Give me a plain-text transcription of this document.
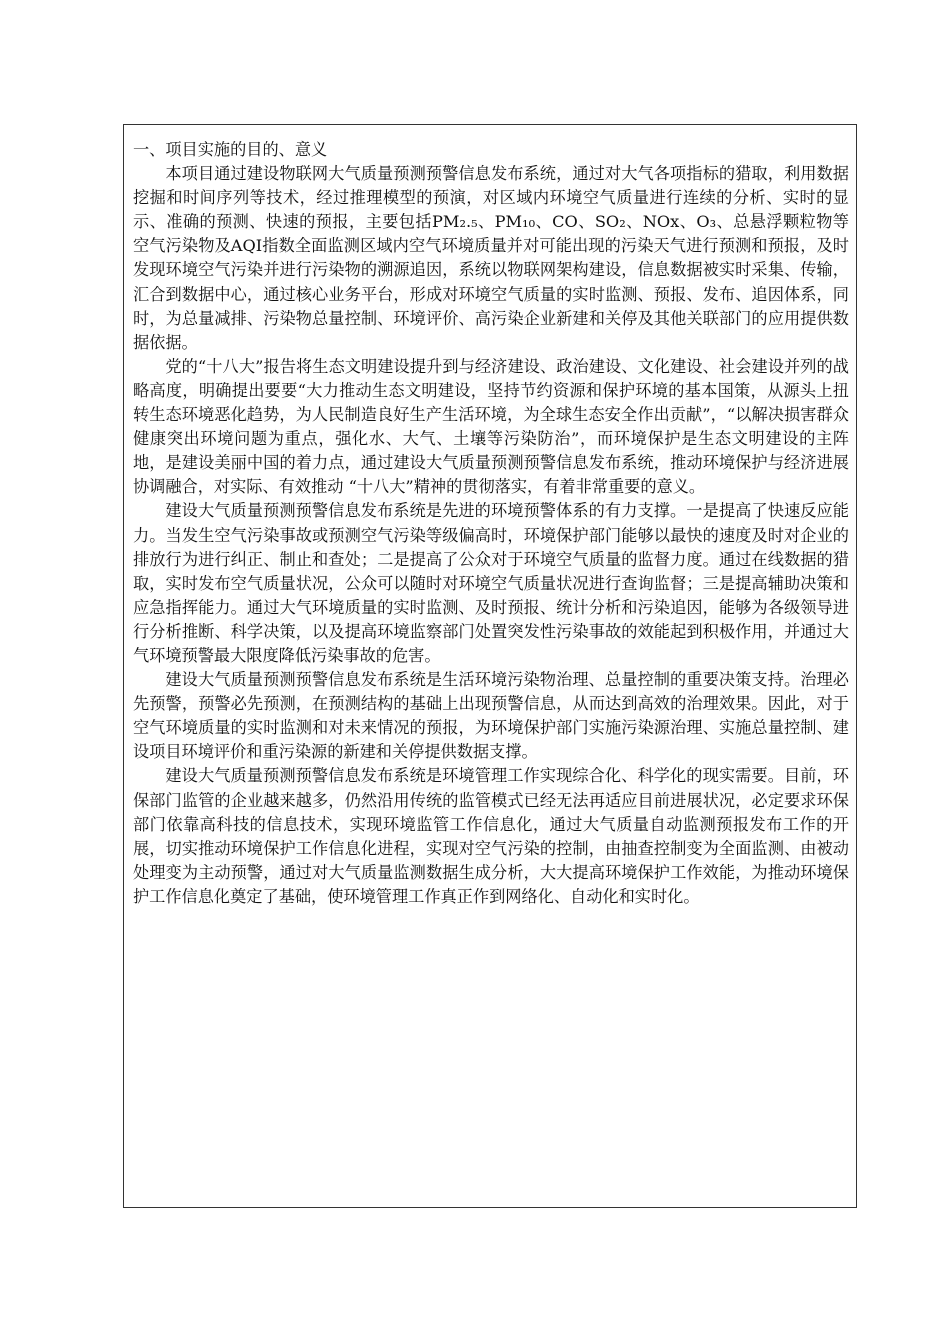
一、项目实施的目的、意义

本项目通过建设物联网大气质量预测预警信息发布系统，通过对大气各项指标的猎取，利用数据挖掘和时间序列等技术，经过推理模型的预演，对区域内环境空气质量进行连续的分析、实时的显示、准确的预测、快速的预报，主要包括PM₂.₅、PM₁₀、CO、SO₂、NOx、O₃、总悬浮颗粒物等空气污染物及AQI指数全面监测区域内空气环境质量并对可能出现的污染天气进行预测和预报，及时发现环境空气污染并进行污染物的溯源追因，系统以物联网架构建设，信息数据被实时采集、传输，汇合到数据中心，通过核心业务平台，形成对环境空气质量的实时监测、预报、发布、追因体系，同时，为总量减排、污染物总量控制、环境评价、高污染企业新建和关停及其他关联部门的应用提供数据依据。

党的“十八大”报告将生态文明建设提升到与经济建设、政治建设、文化建设、社会建设并列的战略高度，明确提出要要“大力推动生态文明建设，坚持节约资源和保护环境的基本国策，从源头上扭转生态环境恶化趋势，为人民制造良好生产生活环境，为全球生态安全作出贡献”，“以解决损害群众健康突出环境问题为重点，强化水、大气、土壤等污染防治”，而环境保护是生态文明建设的主阵地，是建设美丽中国的着力点，通过建设大气质量预测预警信息发布系统，推动环境保护与经济进展协调融合，对实际、有效推动 “十八大”精神的贯彻落实，有着非常重要的意义。

建设大气质量预测预警信息发布系统是先进的环境预警体系的有力支撑。一是提高了快速反应能力。当发生空气污染事故或预测空气污染等级偏高时，环境保护部门能够以最快的速度及时对企业的排放行为进行纠正、制止和查处；二是提高了公众对于环境空气质量的监督力度。通过在线数据的猎取，实时发布空气质量状况，公众可以随时对环境空气质量状况进行查询监督；三是提高辅助决策和应急指挥能力。通过大气环境质量的实时监测、及时预报、统计分析和污染追因，能够为各级领导进行分析推断、科学决策，以及提高环境监察部门处置突发性污染事故的效能起到积极作用，并通过大气环境预警最大限度降低污染事故的危害。

建设大气质量预测预警信息发布系统是生活环境污染物治理、总量控制的重要决策支持。治理必先预警，预警必先预测，在预测结构的基础上出现预警信息，从而达到高效的治理效果。因此，对于空气环境质量的实时监测和对未来情况的预报，为环境保护部门实施污染源治理、实施总量控制、建设项目环境评价和重污染源的新建和关停提供数据支撑。

建设大气质量预测预警信息发布系统是环境管理工作实现综合化、科学化的现实需要。目前，环保部门监管的企业越来越多，仍然沿用传统的监管模式已经无法再适应目前进展状况，必定要求环保部门依靠高科技的信息技术，实现环境监管工作信息化，通过大气质量自动监测预报发布工作的开展，切实推动环境保护工作信息化进程，实现对空气污染的控制，由抽查控制变为全面监测、由被动处理变为主动预警，通过对大气质量监测数据生成分析，大大提高环境保护工作效能，为推动环境保护工作信息化奠定了基础，使环境管理工作真正作到网络化、自动化和实时化。
